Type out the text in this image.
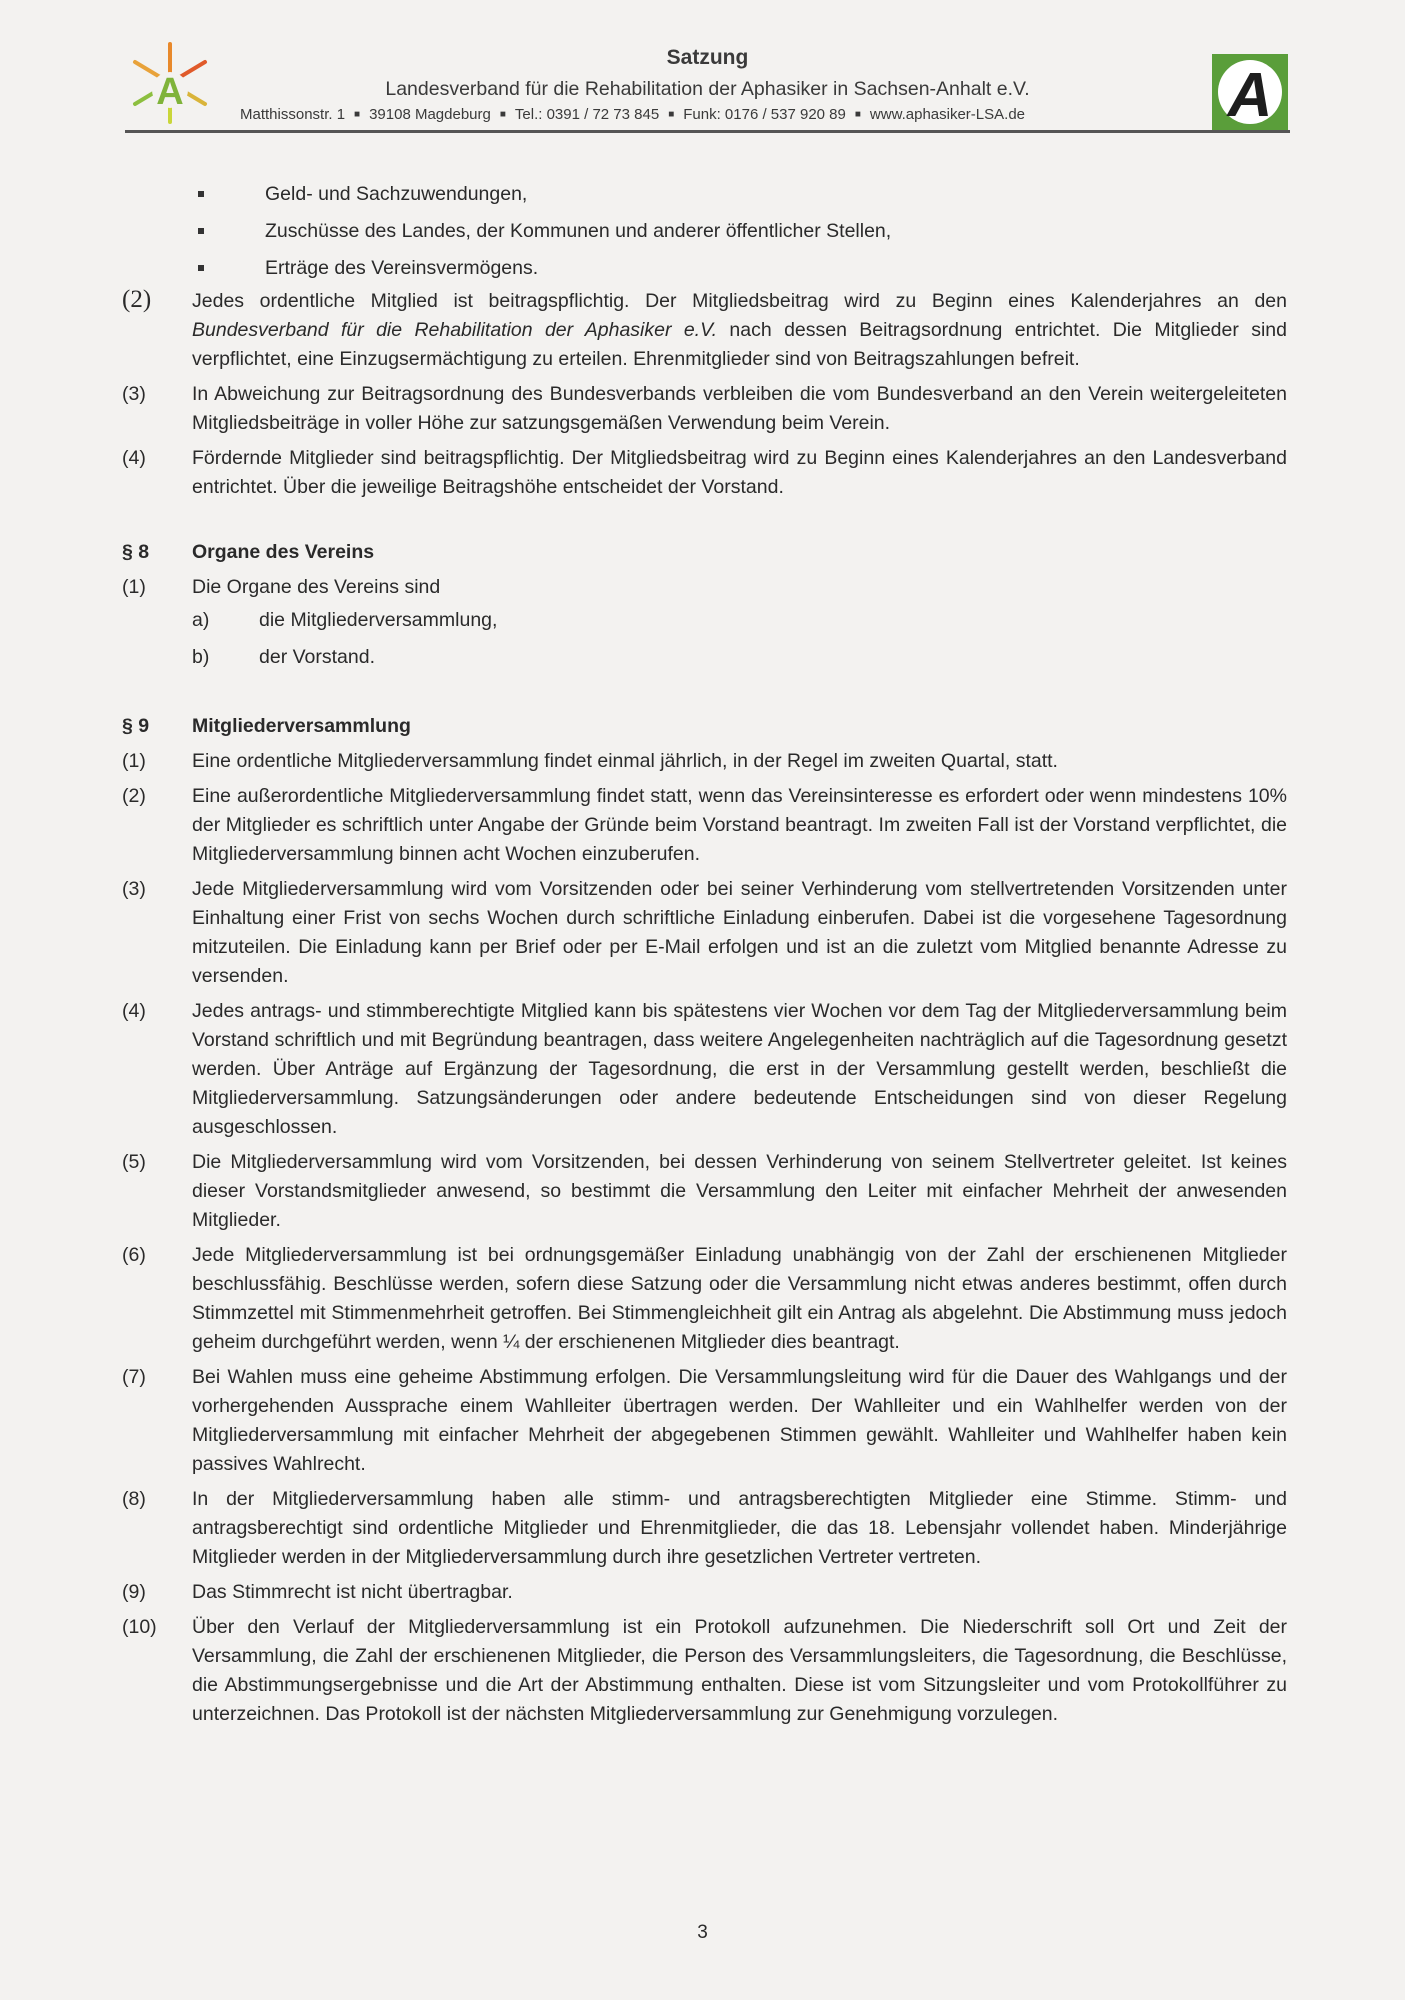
A
Satzung
Landesverband für die Rehabilitation der Aphasiker in Sachsen-Anhalt e.V.
Matthissonstr. 1 ■ 39108 Magdeburg ■ Tel.: 0391 / 72 73 845 ■ Funk: 0176 / 537 920 89 ■ www.aphasiker-LSA.de	A
Geld- und Sachzuwendungen,
Zuschüsse des Landes, der Kommunen und anderer öffentlicher Stellen,
Erträge des Vereinsvermögens.
(2) Jedes ordentliche Mitglied ist beitragspflichtig. Der Mitgliedsbeitrag wird zu Beginn eines Kalenderjahres an den Bundesverband für die Rehabilitation der Aphasiker e.V. nach dessen Beitragsordnung entrichtet. Die Mitglieder sind verpflichtet, eine Einzugsermächtigung zu erteilen. Ehrenmitglieder sind von Beitragszahlungen befreit.
(3) In Abweichung zur Beitragsordnung des Bundesverbands verbleiben die vom Bundesverband an den Verein weitergeleiteten Mitgliedsbeiträge in voller Höhe zur satzungsgemäßen Verwendung beim Verein.
(4) Fördernde Mitglieder sind beitragspflichtig. Der Mitgliedsbeitrag wird zu Beginn eines Kalenderjahres an den Landesverband entrichtet. Über die jeweilige Beitragshöhe entscheidet der Vorstand.
§ 8 Organe des Vereins
(1) Die Organe des Vereins sind
a)	die Mitgliederversammlung,
b)	der Vorstand.
§ 9 Mitgliederversammlung
(1) Eine ordentliche Mitgliederversammlung findet einmal jährlich, in der Regel im zweiten Quartal, statt.
(2) Eine außerordentliche Mitgliederversammlung findet statt, wenn das Vereinsinteresse es erfordert oder wenn mindestens 10% der Mitglieder es schriftlich unter Angabe der Gründe beim Vorstand beantragt. Im zweiten Fall ist der Vorstand verpflichtet, die Mitgliederversammlung binnen acht Wochen einzuberufen.
(3) Jede Mitgliederversammlung wird vom Vorsitzenden oder bei seiner Verhinderung vom stellvertretenden Vorsitzenden unter Einhaltung einer Frist von sechs Wochen durch schriftliche Einladung einberufen. Dabei ist die vorgesehene Tagesordnung mitzuteilen. Die Einladung kann per Brief oder per E-Mail erfolgen und ist an die zuletzt vom Mitglied benannte Adresse zu versenden.
(4) Jedes antrags- und stimmberechtigte Mitglied kann bis spätestens vier Wochen vor dem Tag der Mitgliederversammlung beim Vorstand schriftlich und mit Begründung beantragen, dass weitere Angelegenheiten nachträglich auf die Tagesordnung gesetzt werden. Über Anträge auf Ergänzung der Tagesordnung, die erst in der Versammlung gestellt werden, beschließt die Mitgliederversammlung. Satzungsänderungen oder andere bedeutende Entscheidungen sind von dieser Regelung ausgeschlossen.
(5) Die Mitgliederversammlung wird vom Vorsitzenden, bei dessen Verhinderung von seinem Stellvertreter geleitet. Ist keines dieser Vorstandsmitglieder anwesend, so bestimmt die Versammlung den Leiter mit einfacher Mehrheit der anwesenden Mitglieder.
(6) Jede Mitgliederversammlung ist bei ordnungsgemäßer Einladung unabhängig von der Zahl der erschienenen Mitglieder beschlussfähig. Beschlüsse werden, sofern diese Satzung oder die Versammlung nicht etwas anderes bestimmt, offen durch Stimmzettel mit Stimmenmehrheit getroffen. Bei Stimmengleichheit gilt ein Antrag als abgelehnt. Die Abstimmung muss jedoch geheim durchgeführt werden, wenn ¼ der erschienenen Mitglieder dies beantragt.
(7) Bei Wahlen muss eine geheime Abstimmung erfolgen. Die Versammlungsleitung wird für die Dauer des Wahlgangs und der vorhergehenden Aussprache einem Wahlleiter übertragen werden. Der Wahlleiter und ein Wahlhelfer werden von der Mitgliederversammlung mit einfacher Mehrheit der abgegebenen Stimmen gewählt. Wahlleiter und Wahlhelfer haben kein passives Wahlrecht.
(8) In der Mitgliederversammlung haben alle stimm- und antragsberechtigten Mitglieder eine Stimme. Stimm- und antragsberechtigt sind ordentliche Mitglieder und Ehrenmitglieder, die das 18. Lebensjahr vollendet haben. Minderjährige Mitglieder werden in der Mitgliederversammlung durch ihre gesetzlichen Vertreter vertreten.
(9) Das Stimmrecht ist nicht übertragbar.
(10) Über den Verlauf der Mitgliederversammlung ist ein Protokoll aufzunehmen. Die Niederschrift soll Ort und Zeit der Versammlung, die Zahl der erschienenen Mitglieder, die Person des Versammlungsleiters, die Tagesordnung, die Beschlüsse, die Abstimmungsergebnisse und die Art der Abstimmung enthalten. Diese ist vom Sitzungsleiter und vom Protokollführer zu unterzeichnen. Das Protokoll ist der nächsten Mitgliederversammlung zur Genehmigung vorzulegen.
3
